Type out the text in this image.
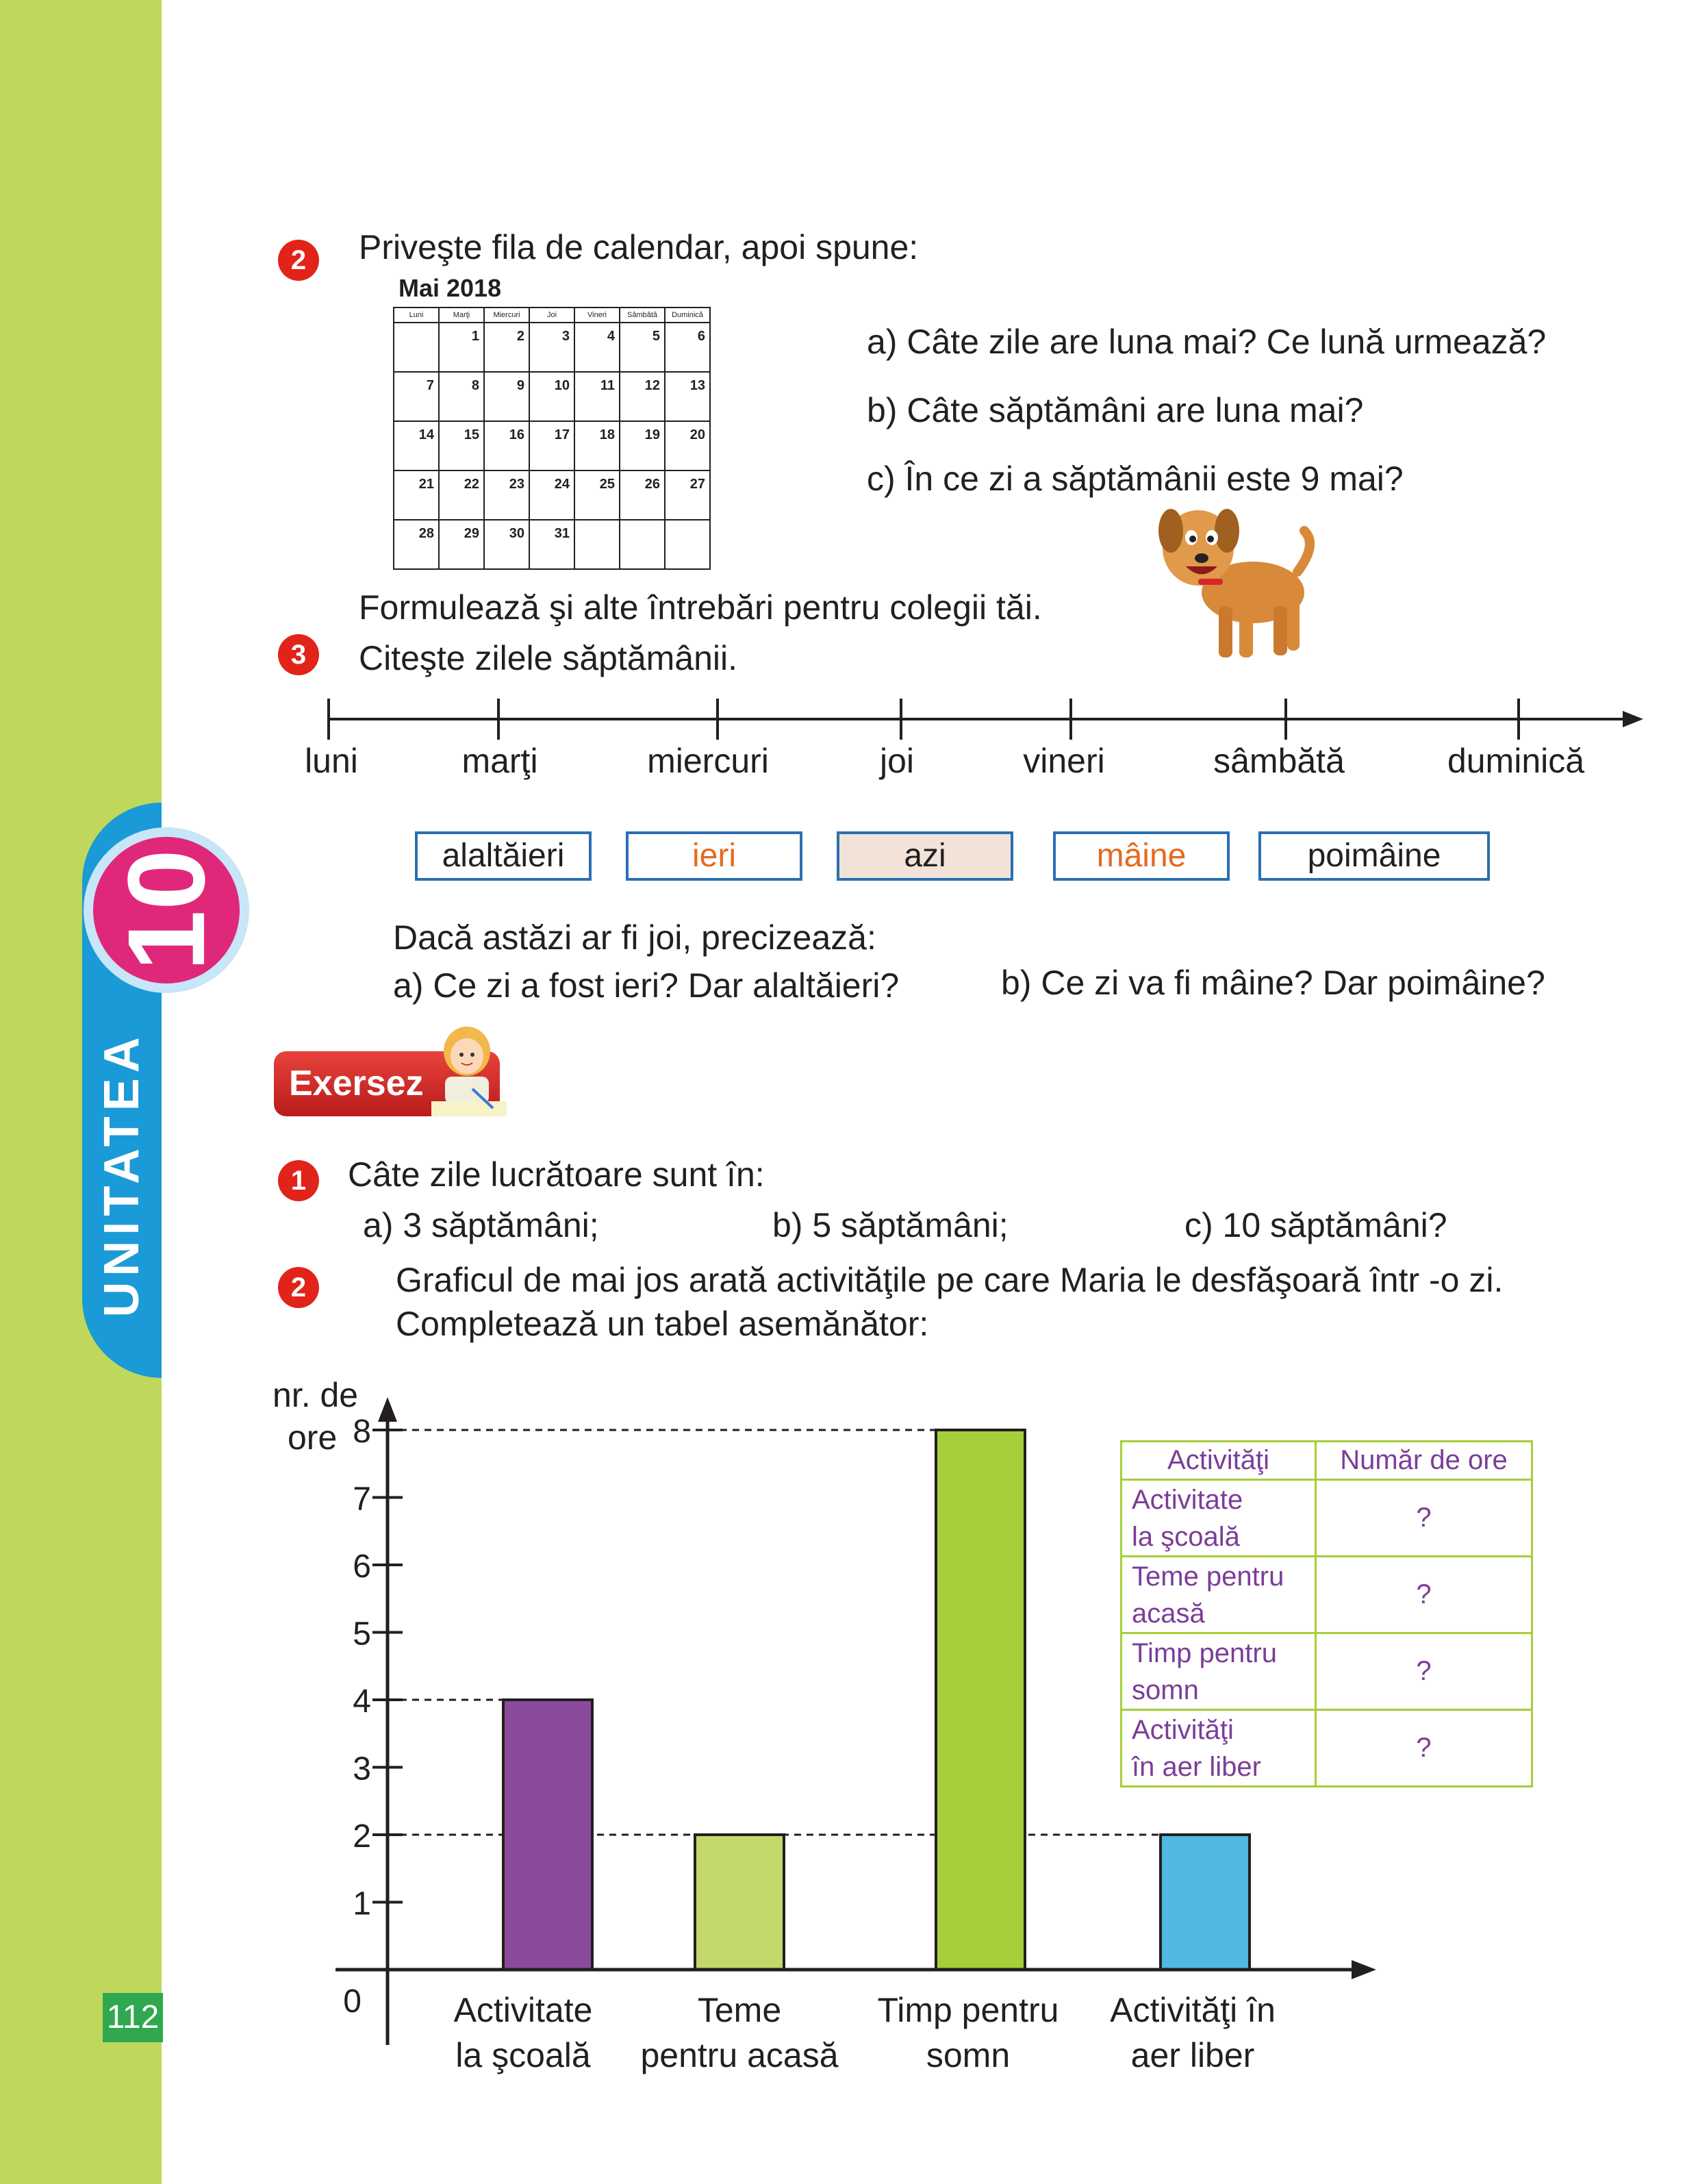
UNITATEA
10
112
2	Priveşte fila de calendar, apoi spune:
Mai 2018
Luni	Marţi	Miercuri	Joi	Vineri	Sâmbătă	Duminică
	1	2	3	4	5	6
7	8	9	10	11	12	13
14	15	16	17	18	19	20
21	22	23	24	25	26	27
28	29	30	31			
a) Câte zile are luna mai? Ce lună urmează?
b) Câte săptămâni are luna mai?
c) În ce zi a săptămânii este 9 mai?
Formulează şi alte întrebări pentru colegii tăi.
3	Citeşte zilele săptămânii.
luni	marţi	miercuri	joi	vineri	sâmbătă	duminică
alaltăieri	ieri	azi	mâine	poimâine
Dacă astăzi ar fi joi, precizează:
a) Ce zi a fost ieri? Dar alaltăieri?	b) Ce zi va fi mâine? Dar poimâine?
Exersez
1	Câte zile lucrătoare sunt în:
a) 3 săptămâni;	b) 5 săptămâni;	c) 10 săptămâni?
2	Graficul de mai jos arată activităţile pe care Maria le desfăşoară într -o zi.
Completează un tabel asemănător:
nr. de
ore
0
1
2
3
4
5
6
7
8
Activitate
la şcoală
Teme
pentru acasă
Timp pentru
somn
Activităţi în
aer liber
Activităţi	Număr de ore
Activitate
la şcoală	?
Teme pentru
acasă	?
Timp pentru
somn	?
Activităţi
în aer liber	?
